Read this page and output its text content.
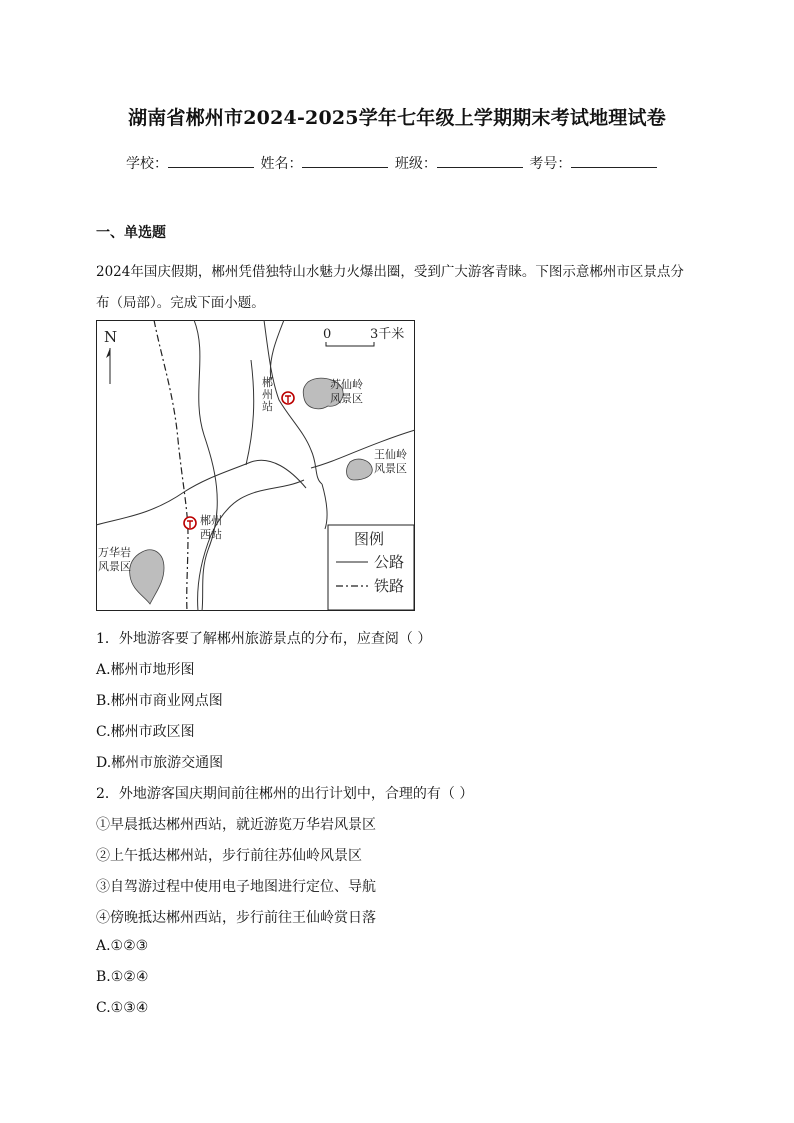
湖南省郴州市2024-2025学年七年级上学期期末考试地理试卷
学校：	姓名：	班级：	考号：
一、单选题
2024年国庆假期，郴州凭借独特山水魅力火爆出圈，受到广大游客青睐。下图示意郴州市区景点分布（局部）。完成下面小题。
N	0	3千米
郴
州
站
苏仙岭
风景区
王仙岭
风景区
郴州
西站
万华岩
风景区
图例
公路
铁路
1．外地游客要了解郴州旅游景点的分布，应查阅（ ）
A.郴州市地形图
B.郴州市商业网点图
C.郴州市政区图
D.郴州市旅游交通图
2．外地游客国庆期间前往郴州的出行计划中，合理的有（ ）
①早晨抵达郴州西站，就近游览万华岩风景区
②上午抵达郴州站，步行前往苏仙岭风景区
③自驾游过程中使用电子地图进行定位、导航
④傍晚抵达郴州西站，步行前往王仙岭赏日落
A.①②③
B.①②④
C.①③④
